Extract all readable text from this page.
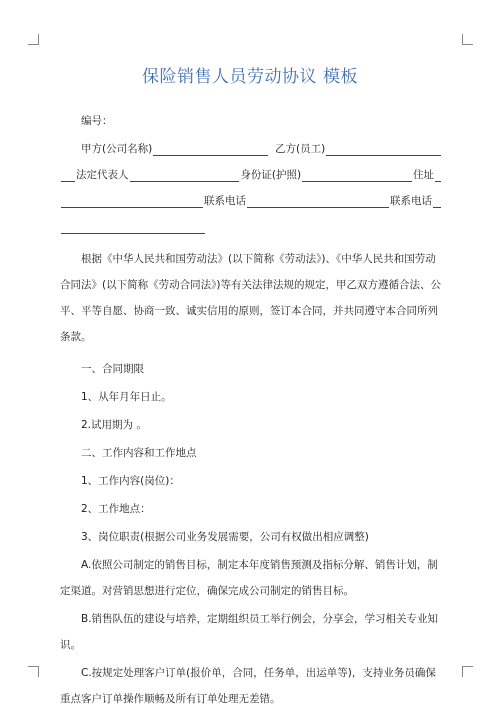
保险销售人员劳动协议 模板
编号：
甲方(公司名称)	乙方(员工)
法定代表人	身份证(护照)	住址
联系电话	联系电话
根据《中华人民共和国劳动法》(以下简称《劳动法》)、《中华人民共和国劳动合同法》(以下简称《劳动合同法》)等有关法律法规的规定，甲乙双方遵循合法、公平、平等自愿、协商一致、诚实信用的原则，签订本合同，并共同遵守本合同所列条款。
一、合同期限
1、从年月年日止。
2.试用期为 。
二、工作内容和工作地点
1、工作内容(岗位)：
2、工作地点：
3、岗位职责(根据公司业务发展需要，公司有权做出相应调整)
A.依照公司制定的销售目标，制定本年度销售预测及指标分解、销售计划，制定渠道。对营销思想进行定位，确保完成公司制定的销售目标。
B.销售队伍的建设与培养，定期组织员工举行例会，分享会，学习相关专业知识。
C.按规定处理客户订单(报价单，合同，任务单，出运单等)，支持业务员确保重点客户订单操作顺畅及所有订单处理无差错。
